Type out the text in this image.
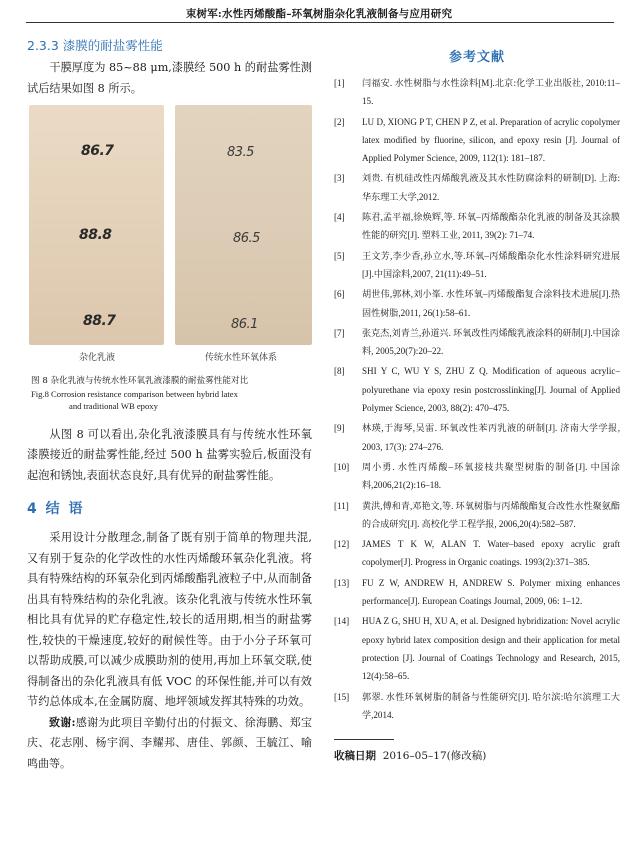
束树军:水性丙烯酸酯–环氧树脂杂化乳液制备与应用研究
2.3.3 漆膜的耐盐雾性能

干膜厚度为 85~88 μm,漆膜经 500 h 的耐盐雾性测试后结果如图 8 所示。

86.7
88.8
88.7
83.5
86.5
86.1
杂化乳液	传统水性环氧体系
图 8 杂化乳液与传统水性环氧乳液漆膜的耐盐雾性能对比
Fig.8 Corrosion resistance comparison between hybrid latex
and traditional WB epoxy

从图 8 可以看出,杂化乳液漆膜具有与传统水性环氧漆膜接近的耐盐雾性能,经过 500 h 盐雾实验后,板面没有起泡和锈蚀,表面状态良好,具有优异的耐盐雾性能。

4 结 语

采用设计分散理念,制备了既有别于简单的物理共混,又有别于复杂的化学改性的水性丙烯酸环氧杂化乳液。将具有特殊结构的环氧杂化到丙烯酸酯乳液粒子中,从而制备出具有特殊结构的杂化乳液。该杂化乳液与传统水性环氧相比具有优异的贮存稳定性,较长的适用期,相当的耐盐雾性,较快的干燥速度,较好的耐候性等。由于小分子环氧可以帮助成膜,可以减少成膜助剂的使用,再加上环氧交联,使得制备出的杂化乳液具有低 VOC 的环保性能,并可以有效节约总体成本,在金属防腐、地坪领域发挥其特殊的功效。

致谢:感谢为此项目辛勤付出的付振文、徐海鹏、郑宝庆、花志刚、杨宇润、李耀邦、唐佳、郭颜、王毓江、喻鸣曲等。

参考文献
[1] 闫福安. 水性树脂与水性涂料[M].北京:化学工业出版社, 2010:11–15.
[2] LU D, XIONG P T, CHEN P Z, et al. Preparation of acrylic copolymer latex modified by fluorine, silicon, and epoxy resin [J]. Journal of Applied Polymer Science, 2009, 112(1): 181–187.
[3] 刘贵. 有机硅改性丙烯酸乳液及其水性防腐涂料的研制[D]. 上海:华东理工大学,2012.
[4] 陈君,孟平福,徐焕辉,等. 环氧–丙烯酸酯杂化乳液的制备及其涂膜性能的研究[J]. 塑料工业, 2011, 39(2): 71–74.
[5] 王文芳,李少香,孙立水,等.环氧–丙烯酸酯杂化水性涂料研究进展[J].中国涂料,2007, 21(11):49–51.
[6] 胡世伟,郭林,刘小峯. 水性环氧–丙烯酸酯复合涂料技术进展[J].热固性树脂,2011, 26(1):58–61.
[7] 张克杰,刘青兰,孙道兴. 环氧改性丙烯酸乳液涂料的研制[J].中国涂料, 2005,20(7):20–22.
[8] SHI Y C, WU Y S, ZHU Z Q. Modification of aqueous acrylic–polyurethane via epoxy resin postcrosslinking[J]. Journal of Applied Polymer Science, 2003, 88(2): 470–475.
[9] 林瑛,于海琴,吴雷. 环氧改性苯丙乳液的研制[J]. 济南大学学报, 2003, 17(3): 274–276.
[10] 周小勇. 水性丙烯酸–环氧接枝共聚型树脂的制备[J]. 中国涂料,2006,21(2):16–18.
[11] 黄洪,傅和青,邓艳文,等. 环氧树脂与丙烯酸酯复合改性水性聚氨酯的合成研究[J]. 高校化学工程学报, 2006,20(4):582–587.
[12] JAMES T K W, ALAN T. Water–based epoxy acrylic graft copolymer[J]. Progress in Organic coatings. 1993(2):371–385.
[13] FU Z W, ANDREW H, ANDREW S. Polymer mixing enhances performance[J]. European Coatings Journal, 2009, 06: 1–12.
[14] HUA Z G, SHU H, XU A, et al. Designed hybridization: Novel acrylic epoxy hybrid latex composition design and their application for metal protection [J]. Journal of Coatings Technology and Research, 2015, 12(4):58–65.
[15] 郭翠. 水性环氧树脂的制备与性能研究[J]. 哈尔滨:哈尔滨理工大学,2014.
收稿日期 2016–05–17(修改稿)
